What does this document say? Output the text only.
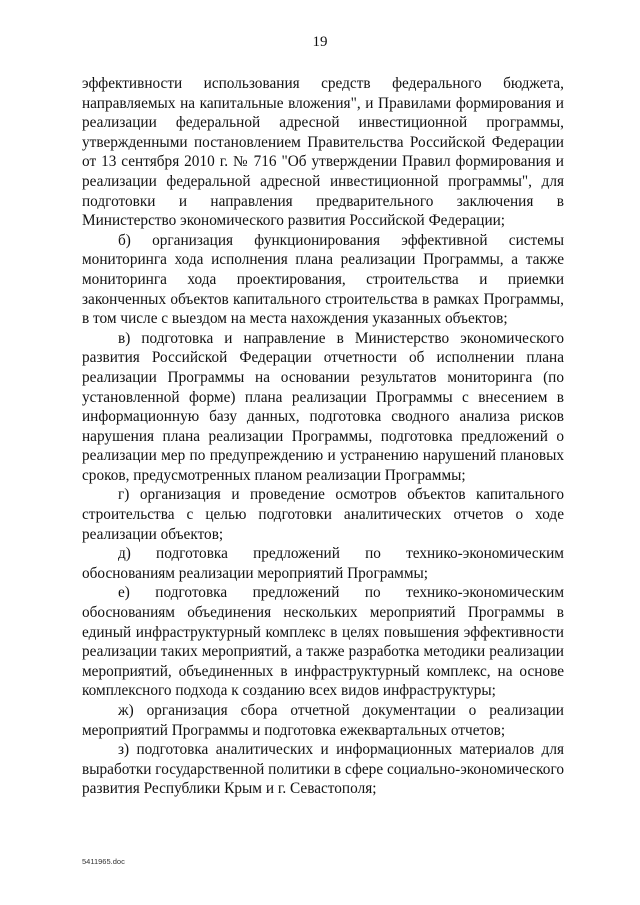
19

эффективности использования средств федерального бюджета, направляемых на капитальные вложения", и Правилами формирования и реализации федеральной адресной инвестиционной программы, утвержденными постановлением Правительства Российской Федерации от 13 сентября 2010 г. № 716 "Об утверждении Правил формирования и реализации федеральной адресной инвестиционной программы", для подготовки и направления предварительного заключения в Министерство экономического развития Российской Федерации;

б) организация функционирования эффективной системы мониторинга хода исполнения плана реализации Программы, а также мониторинга хода проектирования, строительства и приемки законченных объектов капитального строительства в рамках Программы, в том числе с выездом на места нахождения указанных объектов;

в) подготовка и направление в Министерство экономического развития Российской Федерации отчетности об исполнении плана реализации Программы на основании результатов мониторинга (по установленной форме) плана реализации Программы с внесением в информационную базу данных, подготовка сводного анализа рисков нарушения плана реализации Программы, подготовка предложений о реализации мер по предупреждению и устранению нарушений плановых сроков, предусмотренных планом реализации Программы;

г) организация и проведение осмотров объектов капитального строительства с целью подготовки аналитических отчетов о ходе реализации объектов;

д) подготовка предложений по технико-экономическим обоснованиям реализации мероприятий Программы;

е) подготовка предложений по технико-экономическим обоснованиям объединения нескольких мероприятий Программы в единый инфраструктурный комплекс в целях повышения эффективности реализации таких мероприятий, а также разработка методики реализации мероприятий, объединенных в инфраструктурный комплекс, на основе комплексного подхода к созданию всех видов инфраструктуры;

ж) организация сбора отчетной документации о реализации мероприятий Программы и подготовка ежеквартальных отчетов;

з) подготовка аналитических и информационных материалов для выработки государственной политики в сфере социально-экономического развития Республики Крым и г. Севастополя;

5411965.doc
